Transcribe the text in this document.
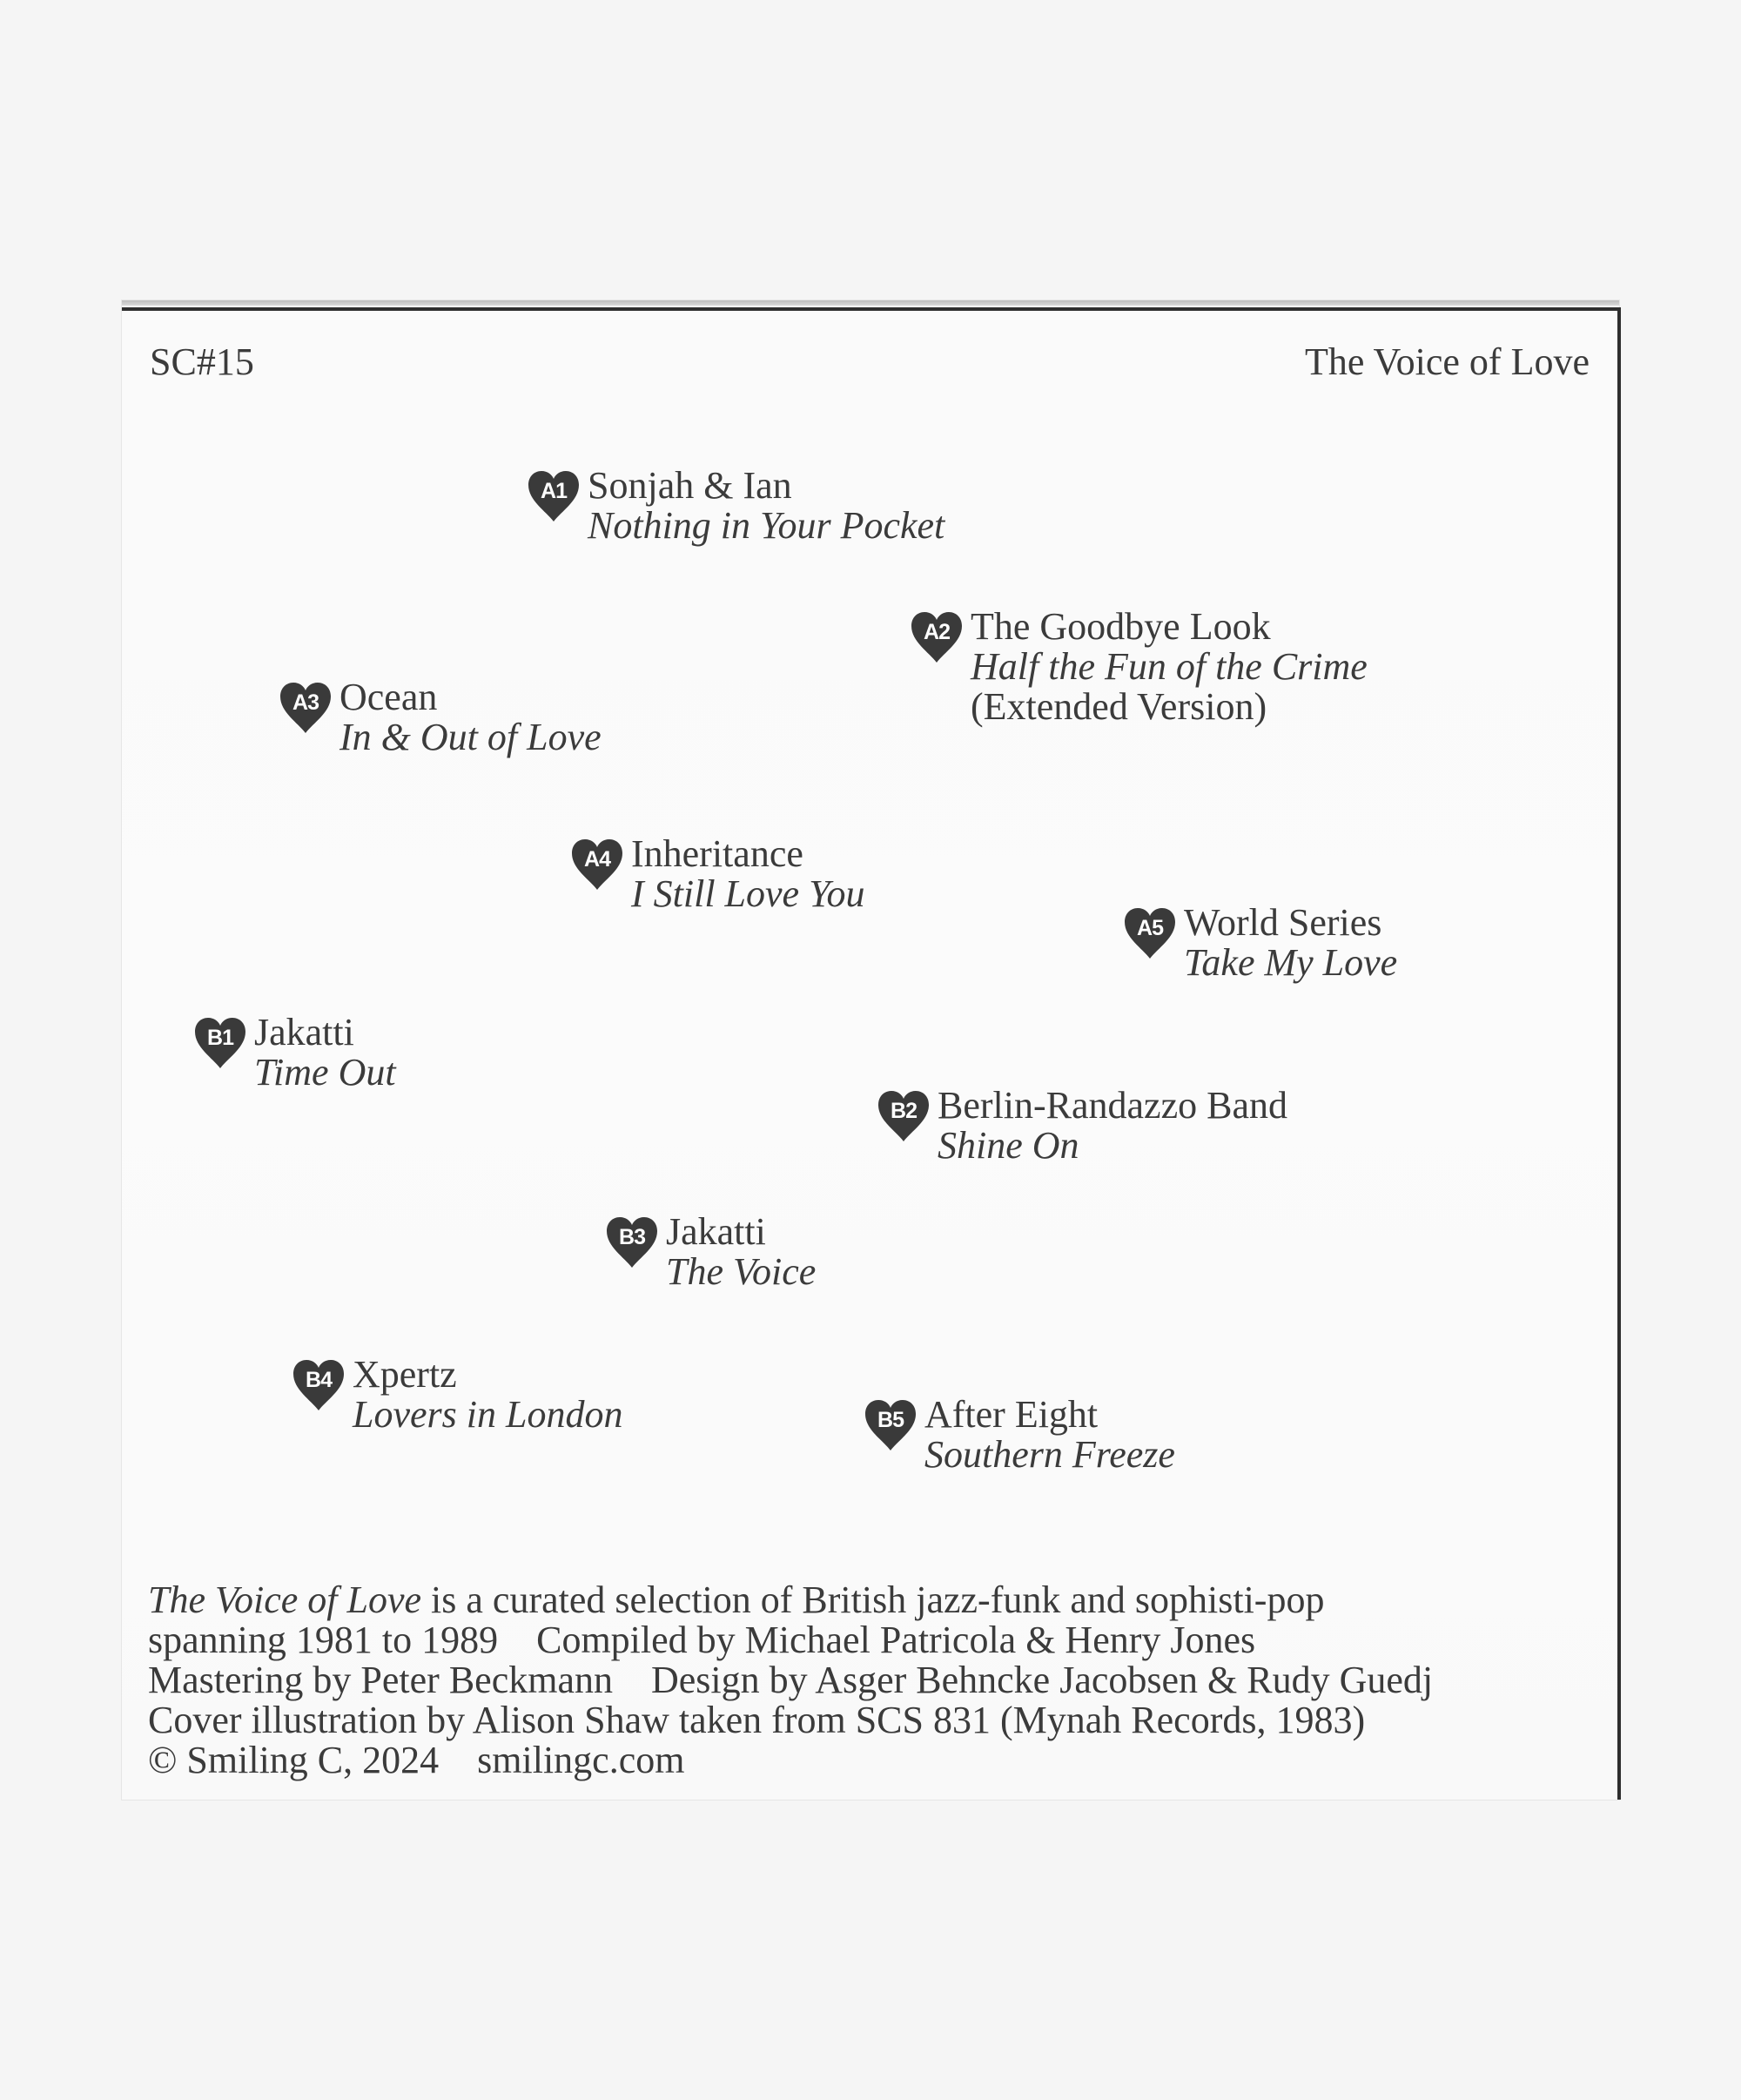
SC#15	The Voice of Love
A1 Sonjah & Ian
Nothing in Your Pocket
A2 The Goodbye Look
Half the Fun of the Crime
(Extended Version)
A3 Ocean
In & Out of Love
A4 Inheritance
I Still Love You
A5 World Series
Take My Love
B1 Jakatti
Time Out
B2 Berlin-Randazzo Band
Shine On
B3 Jakatti
The Voice
B4 Xpertz
Lovers in London	B5 After Eight
Southern Freeze
The Voice of Love is a curated selection of British jazz-funk and sophisti-pop
spanning 1981 to 1989    Compiled by Michael Patricola & Henry Jones
Mastering by Peter Beckmann    Design by Asger Behncke Jacobsen & Rudy Guedj
Cover illustration by Alison Shaw taken from SCS 831 (Mynah Records, 1983)
© Smiling C, 2024    smilingc.com
